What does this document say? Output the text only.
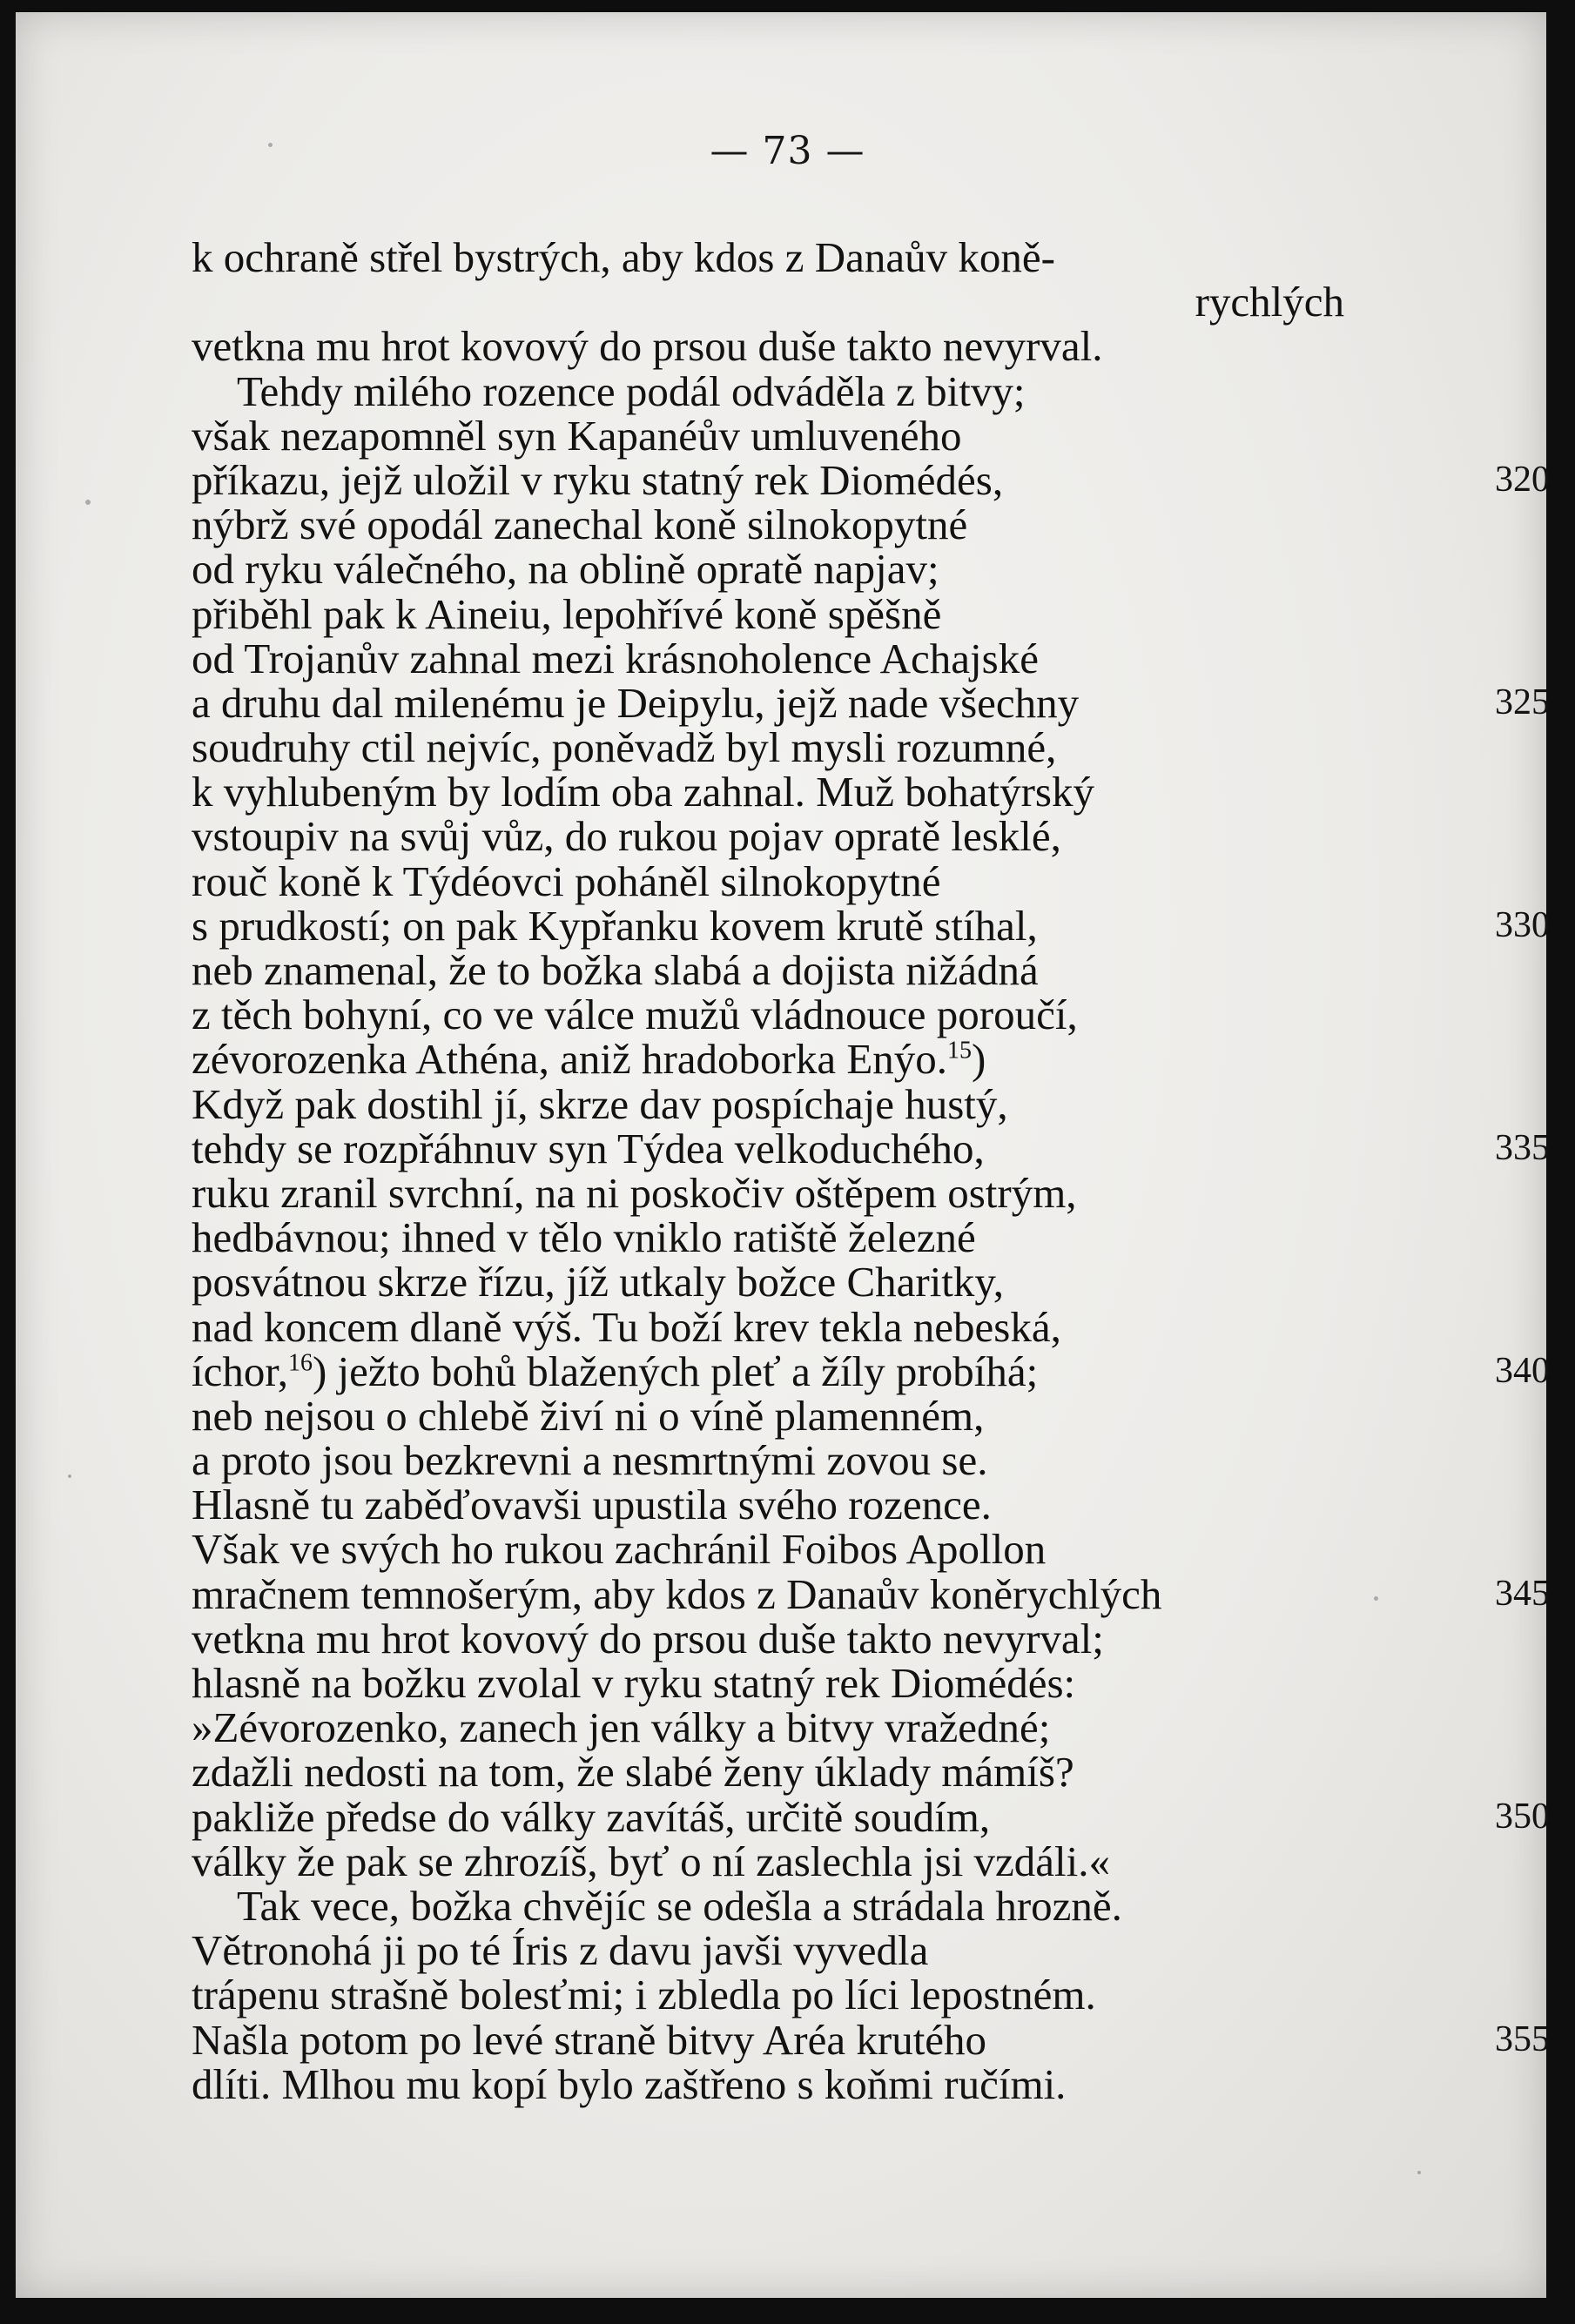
— 73 —
k ochraně střel bystrých, aby kdos z Danaův koně-
rychlých
vetkna mu hrot kovový do prsou duše takto nevyrval.
Tehdy milého rozence podál odváděla z bitvy;
však nezapomněl syn Kapanéův umluveného
příkazu, jejž uložil v ryku statný rek Diomédés,	320
nýbrž své opodál zanechal koně silnokopytné
od ryku válečného, na oblině opratě napjav;
přiběhl pak k Aineiu, lepohřívé koně spěšně
od Trojanův zahnal mezi krásnoholence Achajské
a druhu dal milenému je Deipylu, jejž nade všechny	325
soudruhy ctil nejvíc, poněvadž byl mysli rozumné,
k vyhlubeným by lodím oba zahnal. Muž bohatýrský
vstoupiv na svůj vůz, do rukou pojav opratě lesklé,
rouč koně k Týdéovci poháněl silnokopytné
s prudkostí; on pak Kypřanku kovem krutě stíhal,	330
neb znamenal, že to božka slabá a dojista nižádná
z těch bohyní, co ve válce mužů vládnouce poroučí,
zévorozenka Athéna, aniž hradoborka Enýo.$^{15}$)
Když pak dostihl jí, skrze dav pospíchaje hustý,
tehdy se rozpřáhnuv syn Týdea velkoduchého,	335
ruku zranil svrchní, na ni poskočiv oštěpem ostrým,
hedbávnou; ihned v tělo vniklo ratiště železné
posvátnou skrze řízu, jíž utkaly božce Charitky,
nad koncem dlaně výš. Tu boží krev tekla nebeská,
íchor,$^{16}$) ježto bohů blažených pleť a žíly probíhá;	340
neb nejsou o chlebě živí ni o víně plamenném,
a proto jsou bezkrevni a nesmrtnými zovou se.
Hlasně tu zaběďovavši upustila svého rozence.
Však ve svých ho rukou zachránil Foibos Apollon
mračnem temnošerým, aby kdos z Danaův koněrychlých	345
vetkna mu hrot kovový do prsou duše takto nevyrval;
hlasně na božku zvolal v ryku statný rek Diomédés:
»Zévorozenko, zanech jen války a bitvy vražedné;
zdažli nedosti na tom, že slabé ženy úklady mámíš?
pakliže předse do války zavítáš, určitě soudím,	350
války že pak se zhrozíš, byť o ní zaslechla jsi vzdáli.«
Tak vece, božka chvějíc se odešla a strádala hrozně.
Větronohá ji po té Íris z davu javši vyvedla
trápenu strašně bolesťmi; i zbledla po líci lepostném.
Našla potom po levé straně bitvy Aréa krutého	355
dlíti. Mlhou mu kopí bylo zaštřeno s koňmi ručími.
